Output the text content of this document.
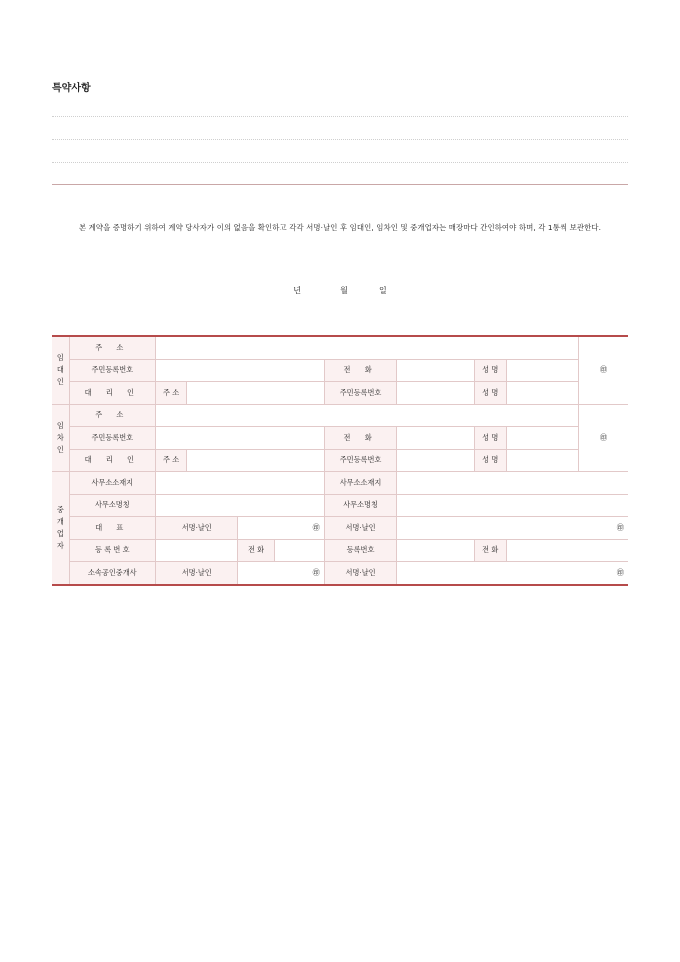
특약사항
본 계약을 증명하기 위하여 계약 당사자가 이의 없음을 확인하고 각각 서명·날인 후 임대인, 임차인 및 중개업자는 매장마다 간인하여야 하며, 각 1통씩 보관한다.
년	월	일
임
대
인	주 소									㊞
	주민등록번호					전 화		성 명		
	대 리 인	주 소				주민등록번호		성 명		
임
차
인	주 소									㊞
	주민등록번호					전 화		성 명		
	대 리 인	주 소				주민등록번호		성 명		
중
개
업
자	사무소소재지					사무소소재지				
	사무소명칭					사무소명칭				
	대 표	서명·날인		㊞		서명·날인	㊞			

	등 록 번 호			전 화		등록번호		전 화		
	소속공인중개사	서명·날인		㊞		서명·날인	㊞			
